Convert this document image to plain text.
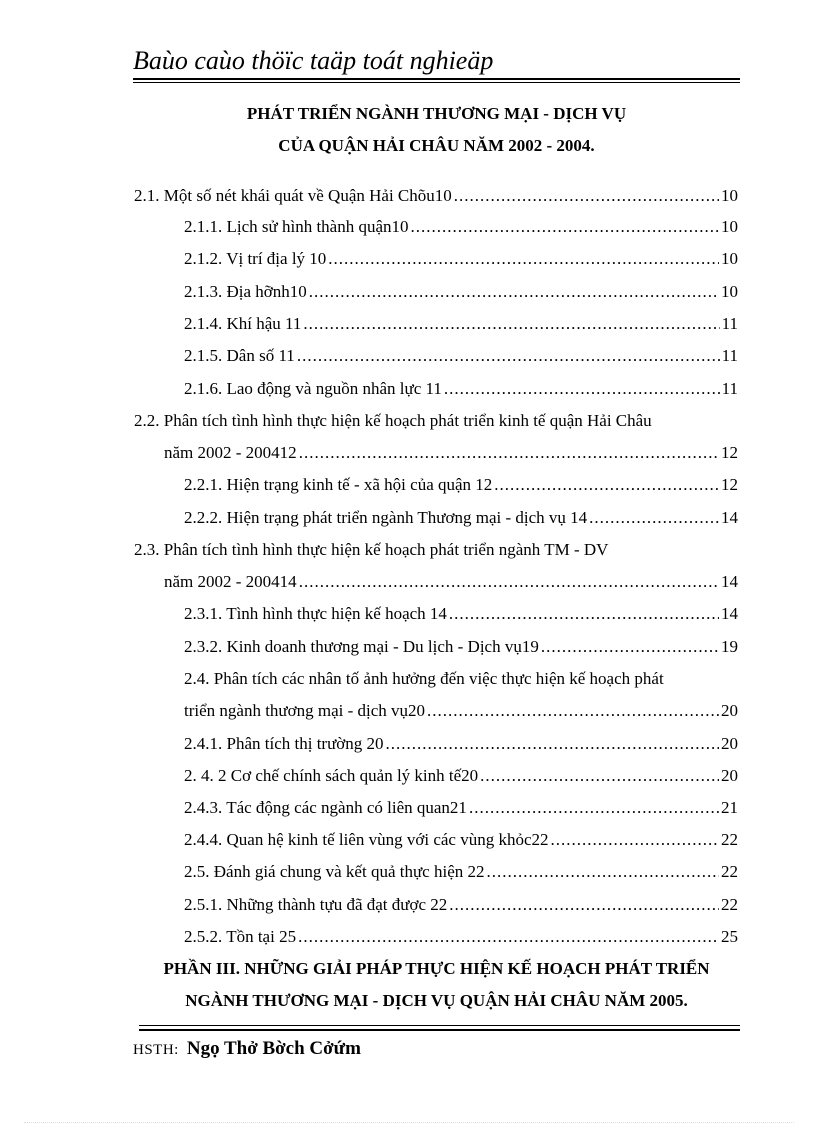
Baùo caùo thöïc taäp toát nghieäp
PHÁT TRIỂN NGÀNH THƯƠNG MẠI - DỊCH VỤ
CỦA QUẬN HẢI CHÂU NĂM 2002 - 2004.
2.1. Một số nét khái quát về Quận Hải Chõu10 .....	10
2.1.1. Lịch sử hình thành quận10 .....	10
2.1.2. Vị trí địa lý 10 .....	10
2.1.3. Địa hỡnh10 .....	10
2.1.4. Khí hậu 11 .....	11
2.1.5. Dân số 11 .....	11
2.1.6. Lao động và nguồn nhân lực 11 .....	11
2.2. Phân tích tình hình thực hiện kế hoạch phát triển kinh tế quận Hải Châu
năm 2002 - 200412 .....	12
2.2.1. Hiện trạng kinh tế - xã hội của quận 12 .....	12
2.2.2. Hiện trạng phát triển ngành Thương mại - dịch vụ 14 .....	14
2.3. Phân tích tình hình thực hiện kế hoạch phát triển ngành TM - DV
năm 2002 - 200414 .....	14
2.3.1. Tình hình thực hiện kế hoạch 14 .....	14
2.3.2. Kinh doanh thương mại - Du lịch - Dịch vụ19 .....	19
2.4. Phân tích các nhân tố ảnh hưởng đến việc thực hiện kế hoạch phát
triển ngành thương mại - dịch vụ20 .....	20
2.4.1. Phân tích thị trường 20 .....	20
2. 4. 2 Cơ chế chính sách quản lý kinh tế20 .....	20
2.4.3. Tác động các ngành có liên quan21 .....	21
2.4.4. Quan hệ kinh tế liên vùng với các vùng khỏc22 .....	22
2.5. Đánh giá chung và kết quả thực hiện 22 .....	22
2.5.1. Những thành tựu đã đạt được 22 .....	22
2.5.2. Tồn tại 25 .....	25
PHẦN III. NHỮNG GIẢI PHÁP THỰC HIỆN KẾ HOẠCH PHÁT TRIỂN
NGÀNH THƯƠNG MẠI - DỊCH VỤ QUẬN HẢI CHÂU NĂM 2005.
HSTH: Ngọ Thở Bờch Cởứm
